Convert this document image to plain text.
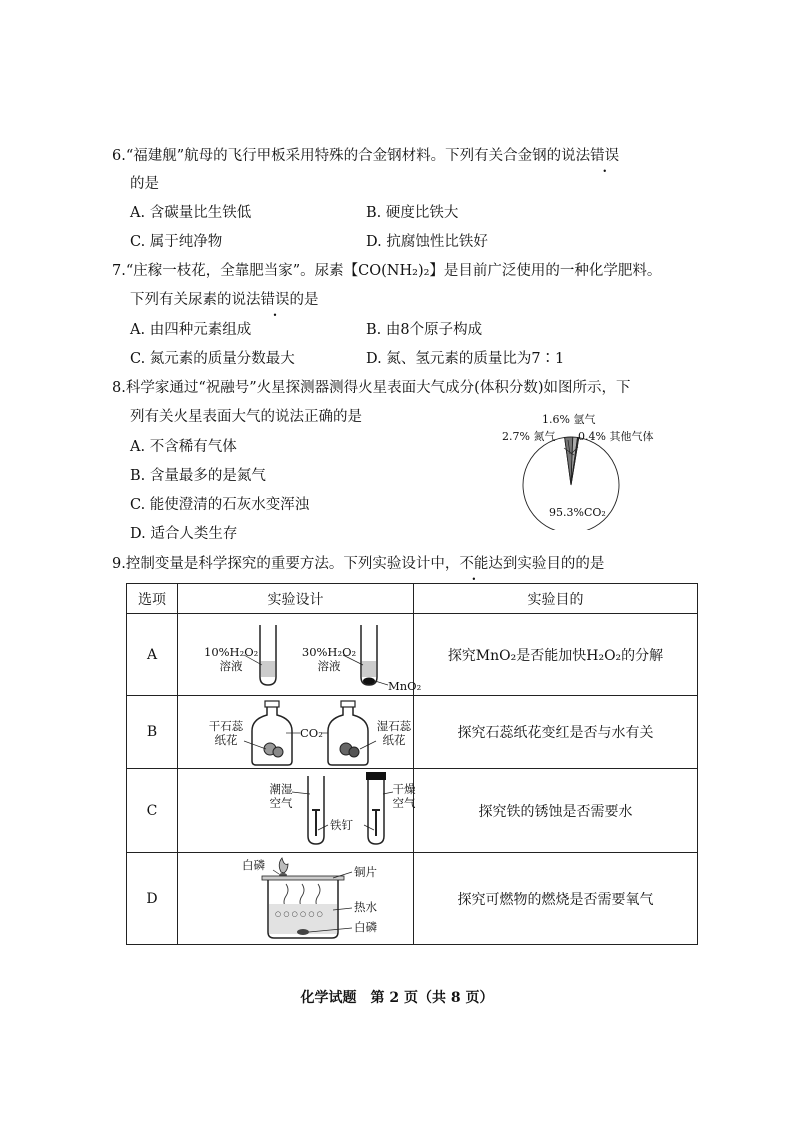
6.“福建舰”航母的飞行甲板采用特殊的合金钢材料。下列有关合金钢的说法错误
的是
A. 含碳量比生铁低	B. 硬度比铁大
C. 属于纯净物	D. 抗腐蚀性比铁好
7.“庄稼一枝花，全靠肥当家”。尿素【CO(NH₂)₂】是目前广泛使用的一种化学肥料。
下列有关尿素的说法错误的是
A. 由四种元素组成	B. 由8个原子构成
C. 氮元素的质量分数最大	D. 氮、氢元素的质量比为7∶1
8.科学家通过“祝融号”火星探测器测得火星表面大气成分(体积分数)如图所示，下
列有关火星表面大气的说法正确的是
A. 不含稀有气体
B. 含量最多的是氮气
C. 能使澄清的石灰水变浑浊
D. 适合人类生存
1.6% 氩气
2.7% 氮气 0.4% 其他气体
95.3%CO₂
9.控制变量是科学探究的重要方法。下列实验设计中，不能达到实验目的的是
选项	实验设计	实验目的
A	10%H₂O₂
溶液
30%H₂O₂
溶液
MnO₂	探究MnO₂是否能加快H₂O₂的分解
B	干石蕊
纸花 CO₂ 湿石蕊
纸花	探究石蕊纸花变红是否与水有关
C	潮湿
空气
干燥
空气
铁钉	探究铁的锈蚀是否需要水
D	○ ○ ○ ○ ○ ○
白磷 铜片
热水
白磷	探究可燃物的燃烧是否需要氧气
化学试题　第 2 页（共 8 页）
